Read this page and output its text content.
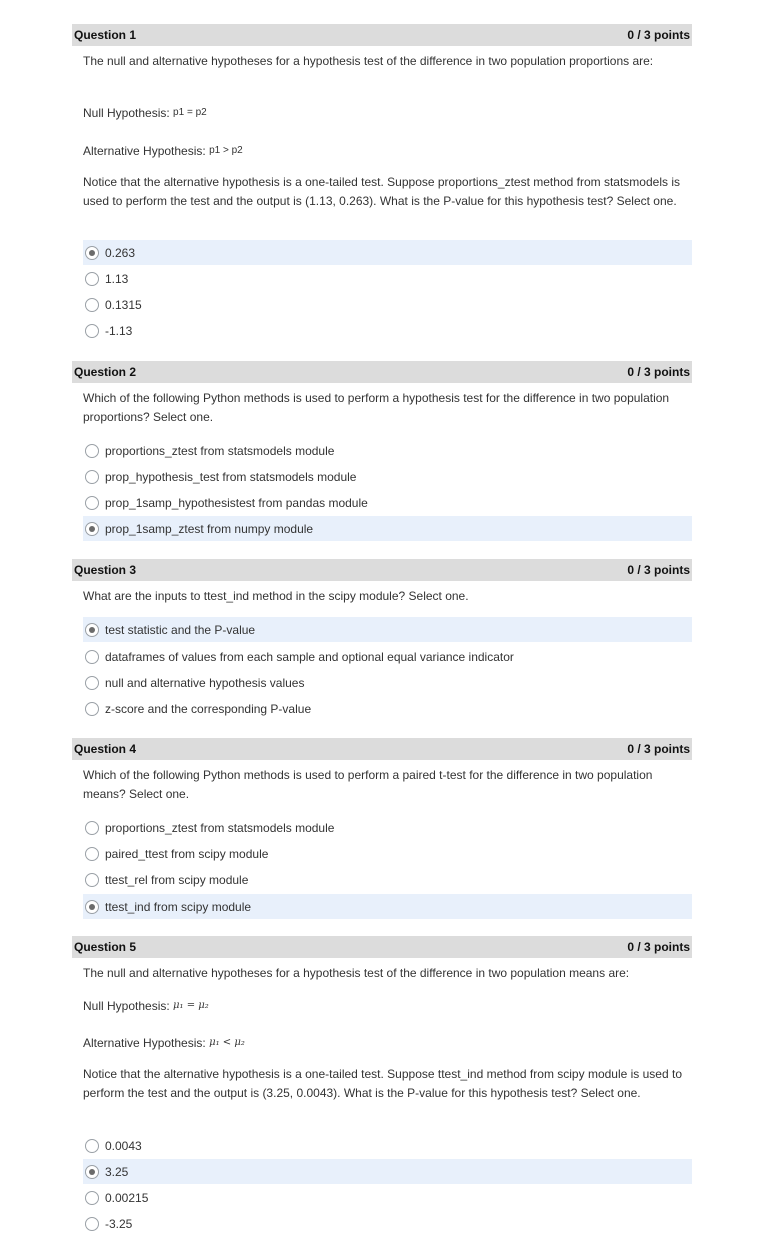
Question 1	0 / 3 points
The null and alternative hypotheses for a hypothesis test of the difference in two population proportions are:
Null Hypothesis: p1 = p2
Alternative Hypothesis: p1 > p2
Notice that the alternative hypothesis is a one-tailed test. Suppose proportions_ztest method from statsmodels is used to perform the test and the output is (1.13, 0.263). What is the P-value for this hypothesis test? Select one.
0.263
1.13
0.1315
-1.13
Question 2	0 / 3 points
Which of the following Python methods is used to perform a hypothesis test for the difference in two population proportions? Select one.
proportions_ztest from statsmodels module
prop_hypothesis_test from statsmodels module
prop_1samp_hypothesistest from pandas module
prop_1samp_ztest from numpy module
Question 3	0 / 3 points
What are the inputs to ttest_ind method in the scipy module? Select one.
test statistic and the P-value
dataframes of values from each sample and optional equal variance indicator
null and alternative hypothesis values
z-score and the corresponding P-value
Question 4	0 / 3 points
Which of the following Python methods is used to perform a paired t-test for the difference in two population means? Select one.
proportions_ztest from statsmodels module
paired_ttest from scipy module
ttest_rel from scipy module
ttest_ind from scipy module
Question 5	0 / 3 points
The null and alternative hypotheses for a hypothesis test of the difference in two population means are:
Null Hypothesis: μ₁ = μ₂
Alternative Hypothesis: μ₁ < μ₂
Notice that the alternative hypothesis is a one-tailed test. Suppose ttest_ind method from scipy module is used to perform the test and the output is (3.25, 0.0043). What is the P-value for this hypothesis test? Select one.
0.0043
3.25
0.00215
-3.25
